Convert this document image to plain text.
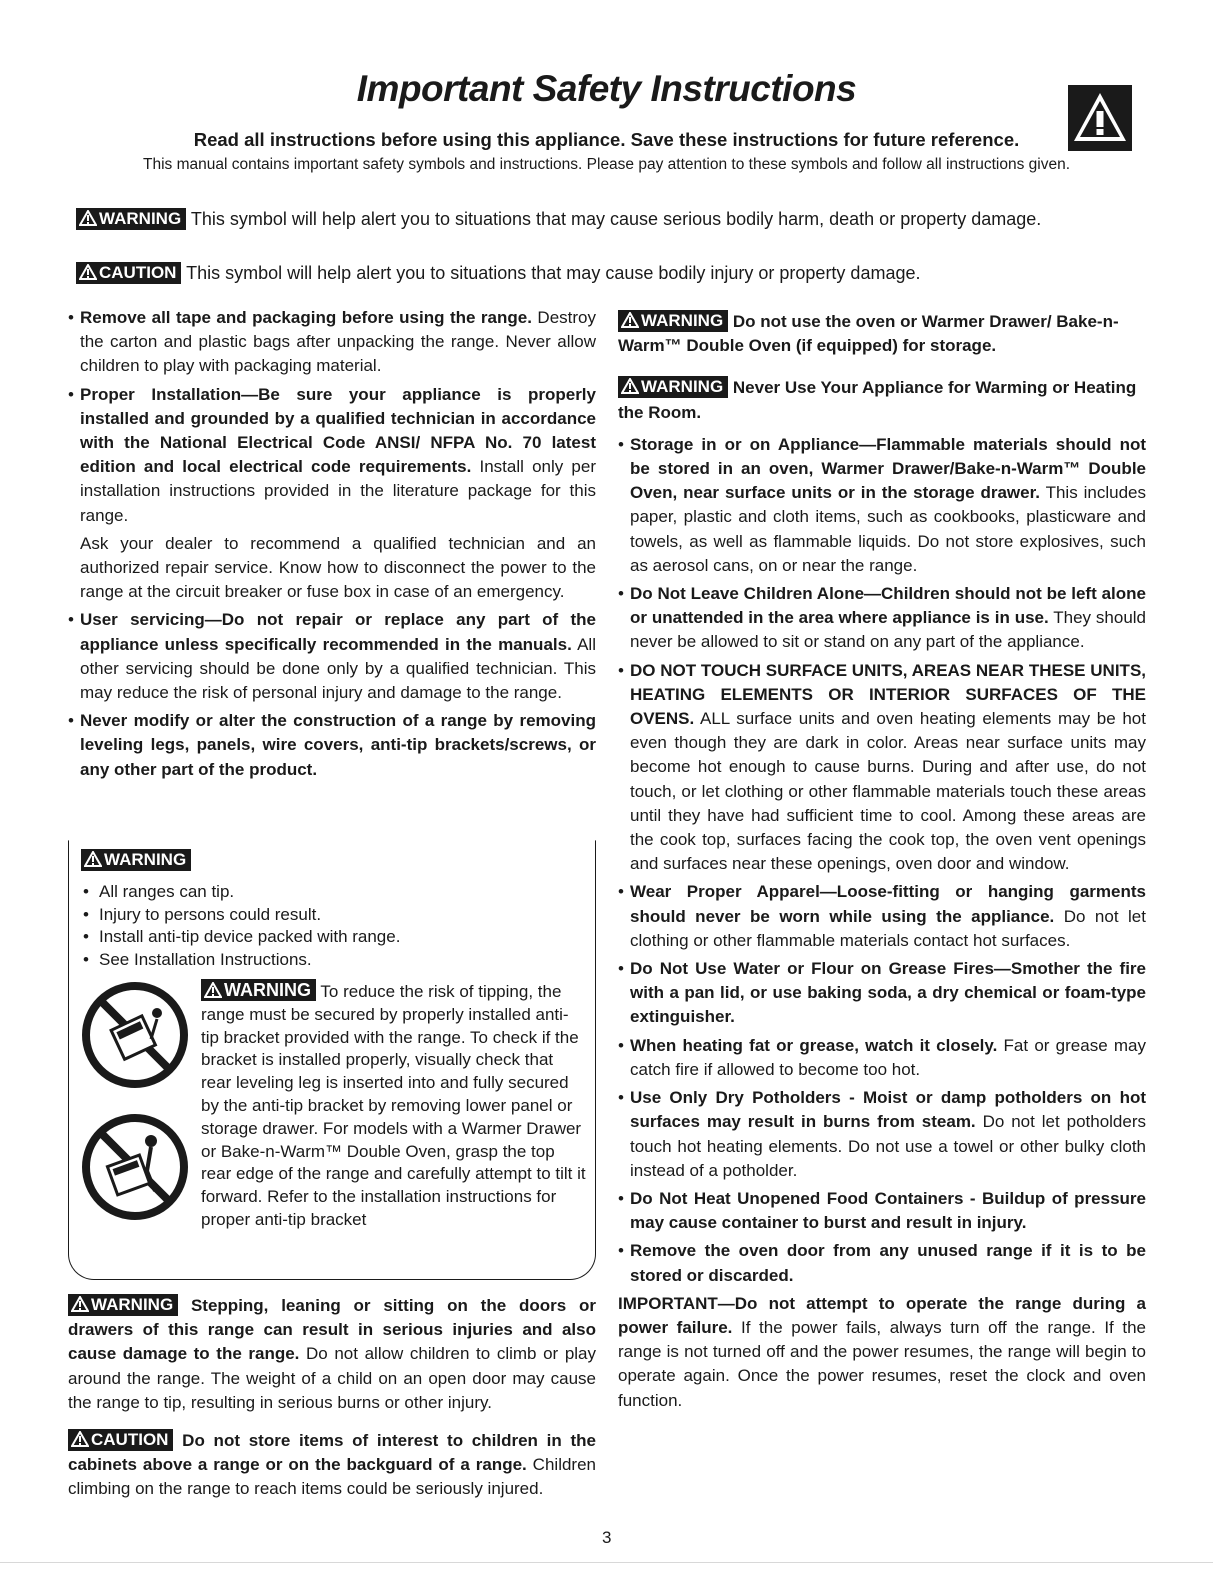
Important Safety Instructions
Read all instructions before using this appliance. Save these instructions for future reference.
This manual contains important safety symbols and instructions. Please pay attention to these symbols and follow all instructions given.
WARNING This symbol will help alert you to situations that may cause serious bodily harm, death or property damage.
CAUTION This symbol will help alert you to situations that may cause bodily injury or property damage.

• Remove all tape and packaging before using the range. Destroy the carton and plastic bags after unpacking the range. Never allow children to play with packaging material.

• Proper Installation—Be sure your appliance is properly installed and grounded by a qualified technician in accordance with the National Electrical Code ANSI/ NFPA No. 70 latest edition and local electrical code requirements. Install only per installation instructions provided in the literature package for this range.

Ask your dealer to recommend a qualified technician and an authorized repair service. Know how to disconnect the power to the range at the circuit breaker or fuse box in case of an emergency.

• User servicing—Do not repair or replace any part of the appliance unless specifically recommended in the manuals. All other servicing should be done only by a qualified technician. This may reduce the risk of personal injury and damage to the range.

• Never modify or alter the construction of a range by removing leveling legs, panels, wire covers, anti-tip brackets/screws, or any other part of the product.

WARNING
• All ranges can tip.
• Injury to persons could result.
• Install anti-tip device packed with range.
• See Installation Instructions.
WARNING To reduce the risk of tipping, the range must be secured by properly installed anti-tip bracket provided with the range. To check if the bracket is installed properly, visually check that rear leveling leg is inserted into and fully secured by the anti-tip bracket by removing lower panel or storage drawer. For models with a Warmer Drawer or Bake-n-Warm™ Double Oven, grasp the top rear edge of the range and carefully attempt to tilt it forward. Refer to the installation instructions for proper anti-tip bracket

WARNING Stepping, leaning or sitting on the doors or drawers of this range can result in serious injuries and also cause damage to the range. Do not allow children to climb or play around the range. The weight of a child on an open door may cause the range to tip, resulting in serious burns or other injury.

CAUTION Do not store items of interest to children in the cabinets above a range or on the backguard of a range. Children climbing on the range to reach items could be seriously injured.

WARNING Do not use the oven or Warmer Drawer/ Bake-n-Warm™ Double Oven (if equipped) for storage.

WARNING Never Use Your Appliance for Warming or Heating the Room.

• Storage in or on Appliance—Flammable materials should not be stored in an oven, Warmer Drawer/Bake-n-Warm™ Double Oven, near surface units or in the storage drawer. This includes paper, plastic and cloth items, such as cookbooks, plasticware and towels, as well as flammable liquids. Do not store explosives, such as aerosol cans, on or near the range.

• Do Not Leave Children Alone—Children should not be left alone or unattended in the area where appliance is in use. They should never be allowed to sit or stand on any part of the appliance.

• DO NOT TOUCH SURFACE UNITS, AREAS NEAR THESE UNITS, HEATING ELEMENTS OR INTERIOR SURFACES OF THE OVENS. ALL surface units and oven heating elements may be hot even though they are dark in color. Areas near surface units may become hot enough to cause burns. During and after use, do not touch, or let clothing or other flammable materials touch these areas until they have had sufficient time to cool. Among these areas are the cook top, surfaces facing the cook top, the oven vent openings and surfaces near these openings, oven door and window.

• Wear Proper Apparel—Loose-fitting or hanging garments should never be worn while using the appliance. Do not let clothing or other flammable materials contact hot surfaces.

• Do Not Use Water or Flour on Grease Fires—Smother the fire with a pan lid, or use baking soda, a dry chemical or foam-type extinguisher.

• When heating fat or grease, watch it closely. Fat or grease may catch fire if allowed to become too hot.

• Use Only Dry Potholders - Moist or damp potholders on hot surfaces may result in burns from steam. Do not let potholders touch hot heating elements. Do not use a towel or other bulky cloth instead of a potholder.

• Do Not Heat Unopened Food Containers - Buildup of pressure may cause container to burst and result in injury.

• Remove the oven door from any unused range if it is to be stored or discarded.

IMPORTANT—Do not attempt to operate the range during a power failure. If the power fails, always turn off the range. If the range is not turned off and the power resumes, the range will begin to operate again. Once the power resumes, reset the clock and oven function.

3
